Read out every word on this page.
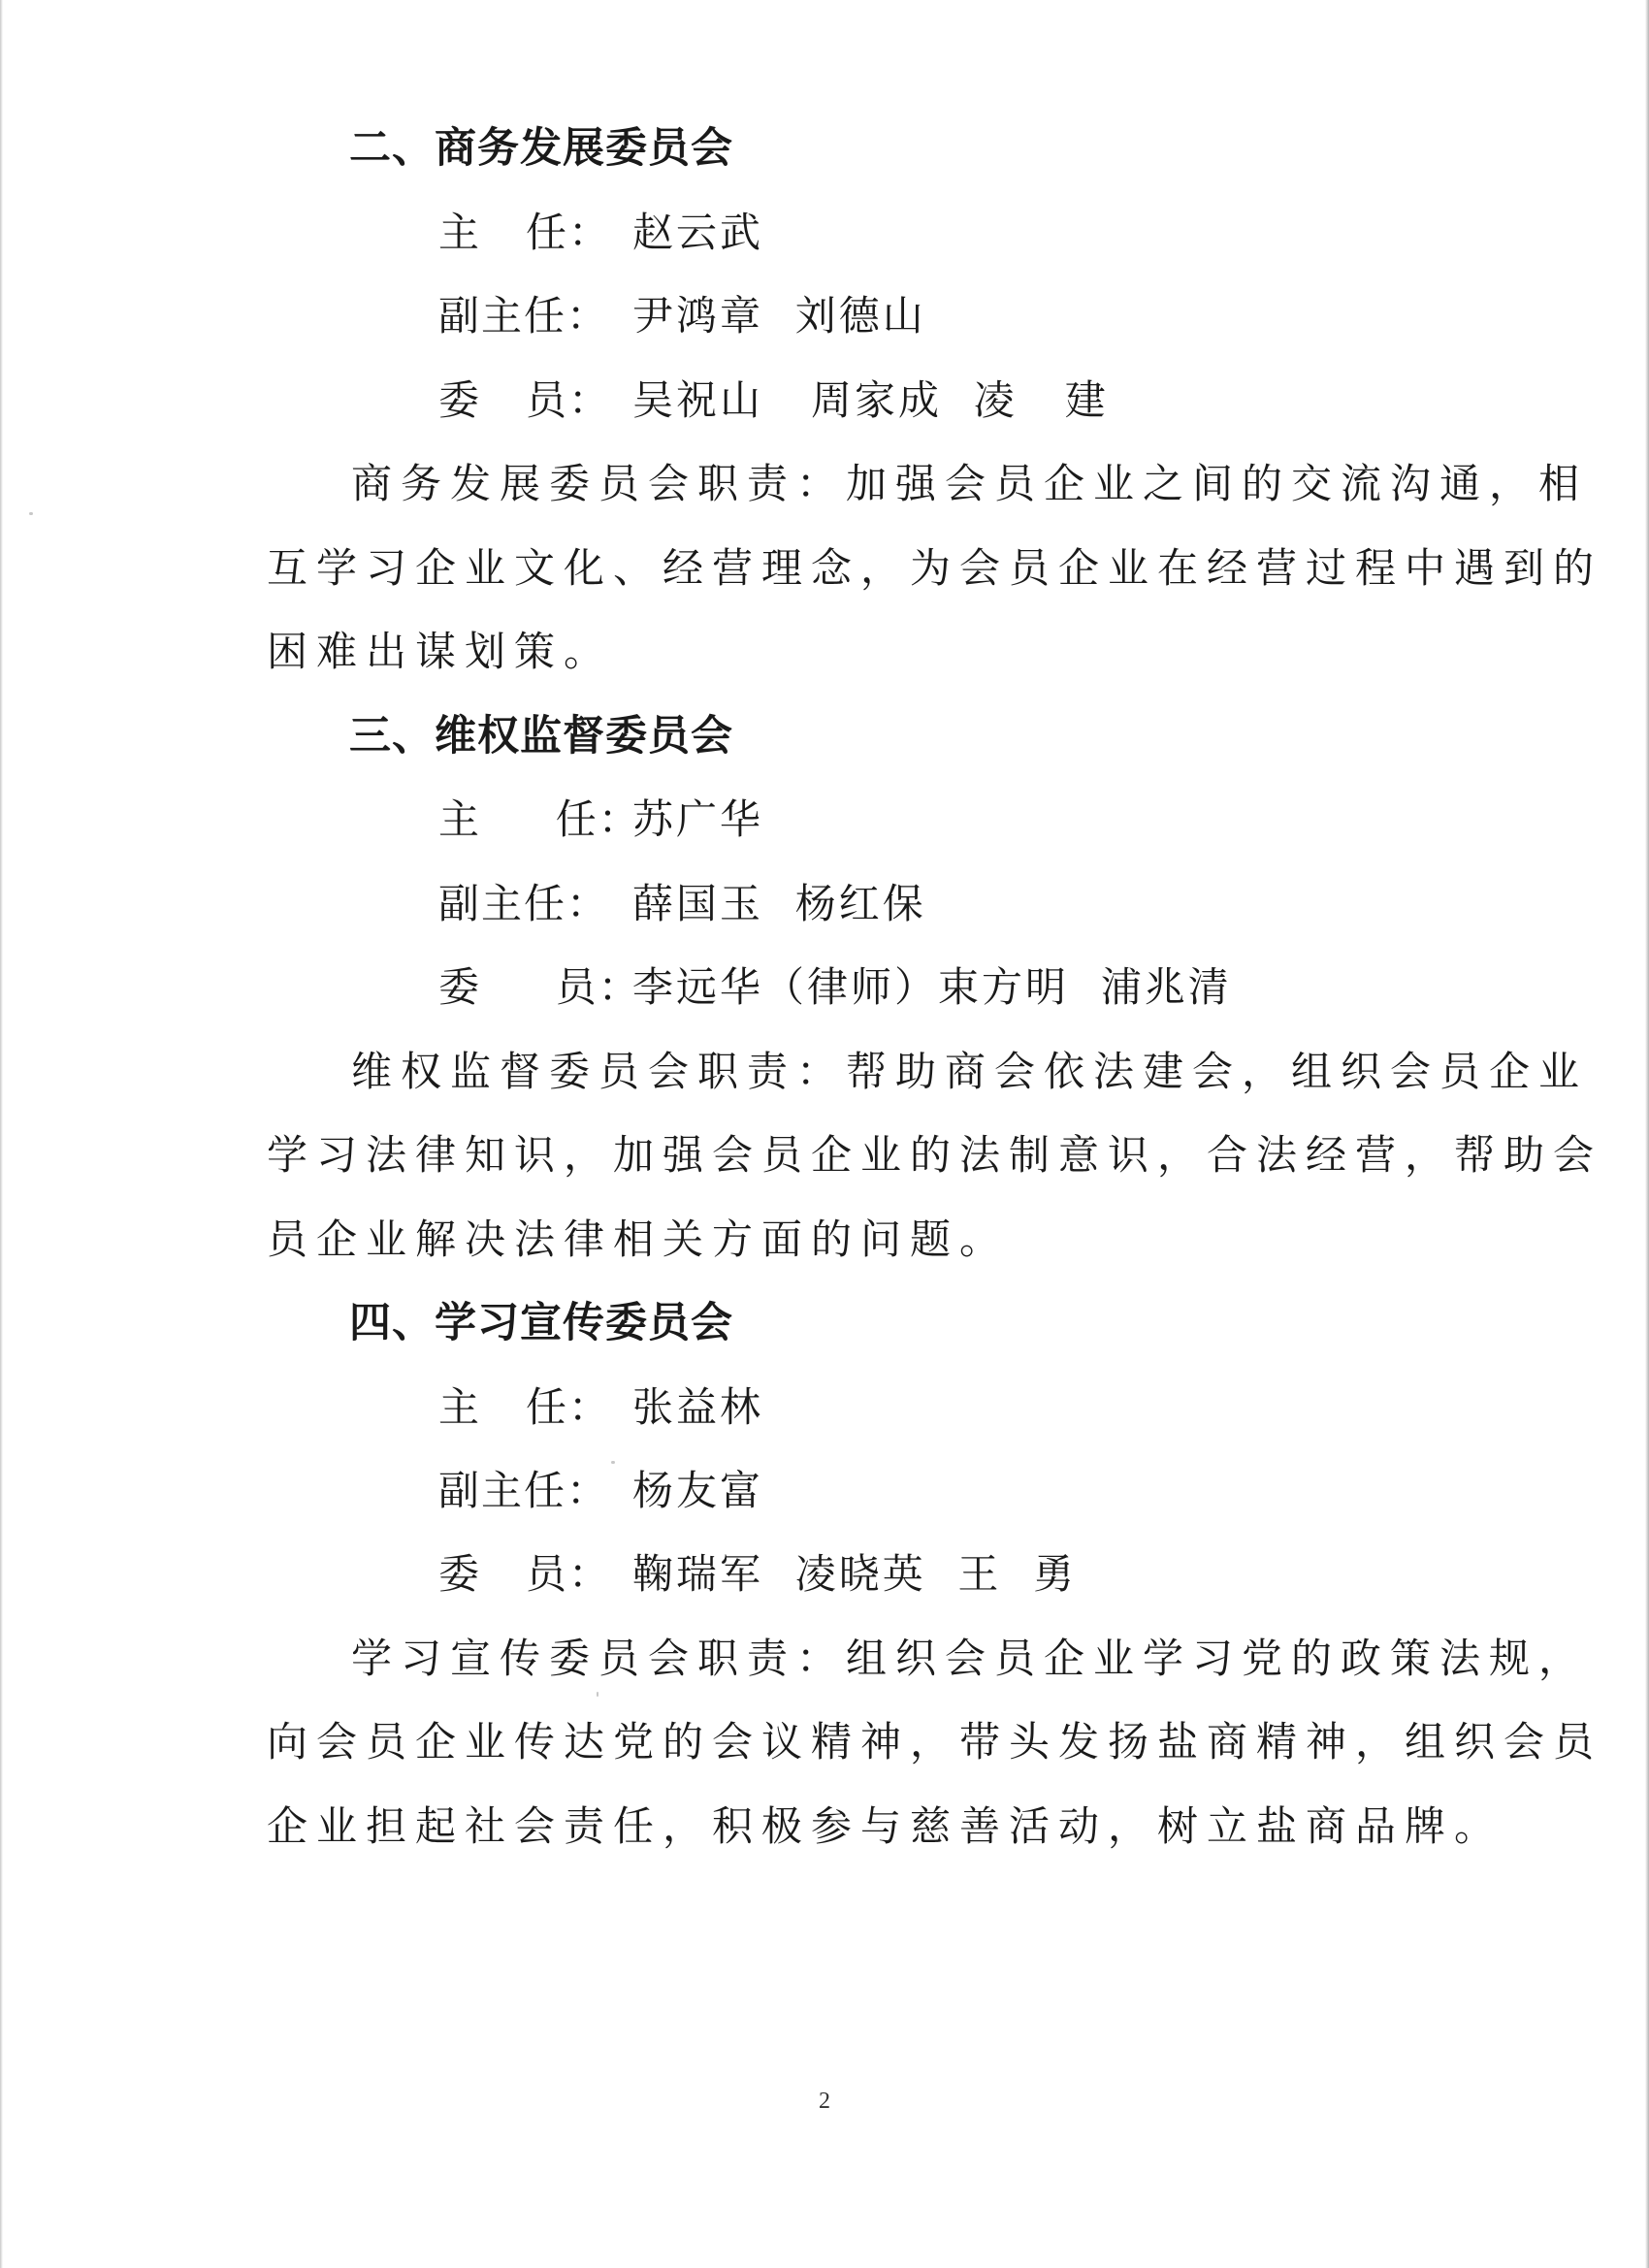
二、商务发展委员会
主   任： 赵云武
副主任： 尹鸿章  刘德山
委   员： 吴祝山   周家成  凌   建
商务发展委员会职责：加强会员企业之间的交流沟通，相
互学习企业文化、经营理念，为会员企业在经营过程中遇到的
困难出谋划策。
三、维权监督委员会
主     任：
苏广华
副主任： 薛国玉  杨红保
委     员：
李远华（律师）束方明  浦兆清
维权监督委员会职责：帮助商会依法建会，组织会员企业
学习法律知识，加强会员企业的法制意识，合法经营，帮助会
员企业解决法律相关方面的问题。
四、学习宣传委员会
主   任： 张益林
副主任： 杨友富
委   员： 鞠瑞军  凌晓英  王  勇
学习宣传委员会职责：组织会员企业学习党的政策法规，
向会员企业传达党的会议精神，带头发扬盐商精神，组织会员
企业担起社会责任，积极参与慈善活动，树立盐商品牌。
2
